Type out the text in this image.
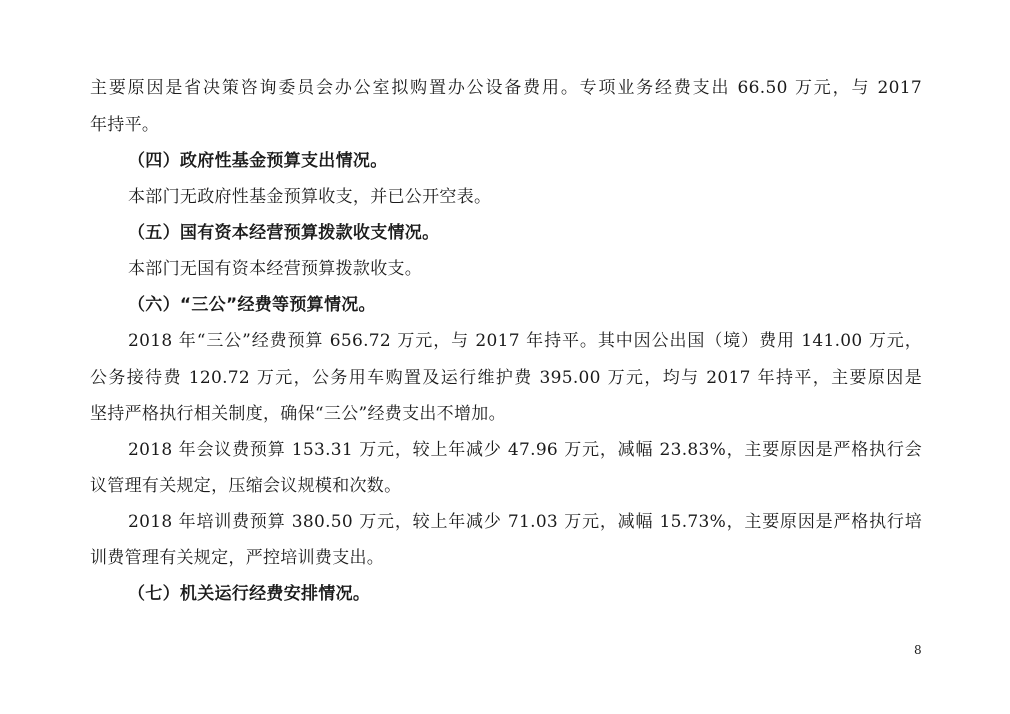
主要原因是省决策咨询委员会办公室拟购置办公设备费用。专项业务经费支出 66.50 万元，与 2017
年持平。
（四）政府性基金预算支出情况。
本部门无政府性基金预算收支，并已公开空表。
（五）国有资本经营预算拨款收支情况。
本部门无国有资本经营预算拨款收支。
（六）“三公”经费等预算情况。
2018 年“三公”经费预算 656.72 万元，与 2017 年持平。其中因公出国（境）费用 141.00 万元，
公务接待费 120.72 万元，公务用车购置及运行维护费 395.00 万元，均与 2017 年持平，主要原因是
坚持严格执行相关制度，确保“三公”经费支出不增加。
2018 年会议费预算 153.31 万元，较上年减少 47.96 万元，减幅 23.83%，主要原因是严格执行会
议管理有关规定，压缩会议规模和次数。
2018 年培训费预算 380.50 万元，较上年减少 71.03 万元，减幅 15.73%，主要原因是严格执行培
训费管理有关规定，严控培训费支出。
（七）机关运行经费安排情况。
8
